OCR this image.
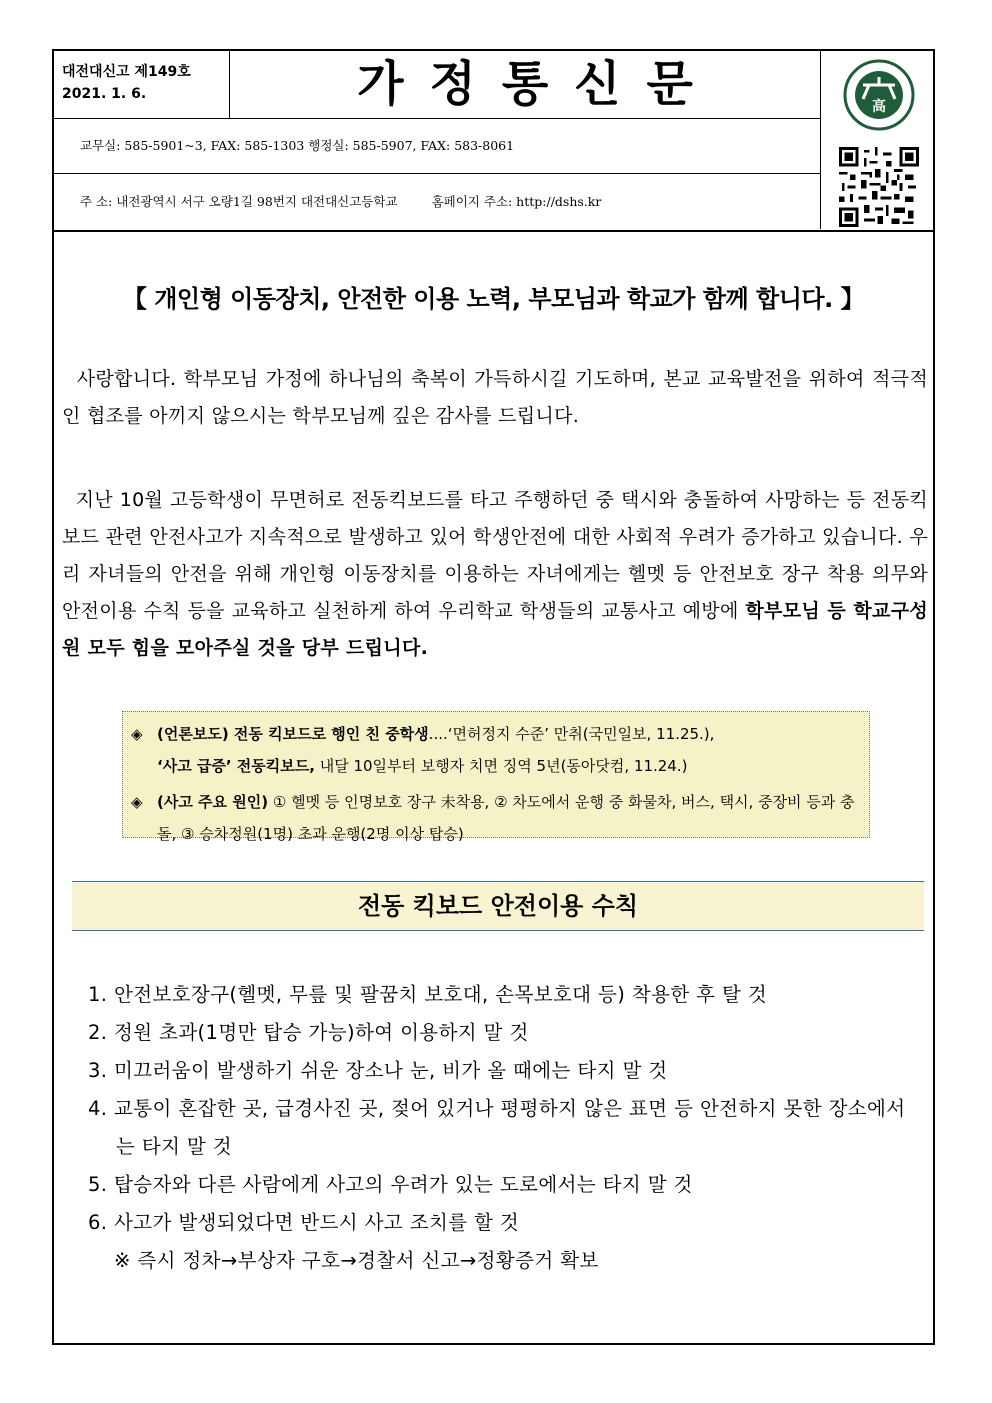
대전대신고 제149호
2021. 1. 6.	가정통신문	高
교무실: 585-5901~3, FAX: 585-1303 행정실: 585-5907, FAX: 583-8061
주 소: 내전광역시 서구 오량1길 98번지 대전대신고등학교	홈페이지 주소: http://dshs.kr
【 개인형 이동장치, 안전한 이용 노력, 부모님과 학교가 함께 합니다. 】
사랑합니다. 학부모님 가정에 하나님의 축복이 가득하시길 기도하며, 본교 교육발전을 위하여 적극적인 협조를 아끼지 않으시는 학부모님께 깊은 감사를 드립니다.
지난 10월 고등학생이 무면허로 전동킥보드를 타고 주행하던 중 택시와 충돌하여 사망하는 등 전동킥보드 관련 안전사고가 지속적으로 발생하고 있어 학생안전에 대한 사회적 우려가 증가하고 있습니다. 우리 자녀들의 안전을 위해 개인형 이동장치를 이용하는 자녀에게는 헬멧 등 안전보호 장구 착용 의무와 안전이용 수칙 등을 교육하고 실천하게 하여 우리학교 학생들의 교통사고 예방에 학부모님 등 학교구성원 모두 힘을 모아주실 것을 당부 드립니다.
◈ (언론보도) 전동 킥보드로 행인 친 중학생....‘면허정지 수준’ 만취(국민일보, 11.25.),
‘사고 급증’ 전동킥보드, 내달 10일부터 보행자 치면 징역 5년(동아닷컴, 11.24.)
◈ (사고 주요 원인) ① 헬멧 등 인명보호 장구 未착용, ② 차도에서 운행 중 화물차, 버스, 택시, 중장비 등과 충돌, ③ 승차정원(1명) 초과 운행(2명 이상 탑승)
전동 킥보드 안전이용 수칙
1. 안전보호장구(헬멧, 무릎 및 팔꿈치 보호대, 손목보호대 등) 착용한 후 탈 것
2. 정원 초과(1명만 탑승 가능)하여 이용하지 말 것
3. 미끄러움이 발생하기 쉬운 장소나 눈, 비가 올 때에는 타지 말 것
4. 교통이 혼잡한 곳, 급경사진 곳, 젖어 있거나 평평하지 않은 표면 등 안전하지 못한 장소에서는 타지 말 것
5. 탑승자와 다른 사람에게 사고의 우려가 있는 도로에서는 타지 말 것
6. 사고가 발생되었다면 반드시 사고 조치를 할 것
※ 즉시 정차→부상자 구호→경찰서 신고→정황증거 확보
